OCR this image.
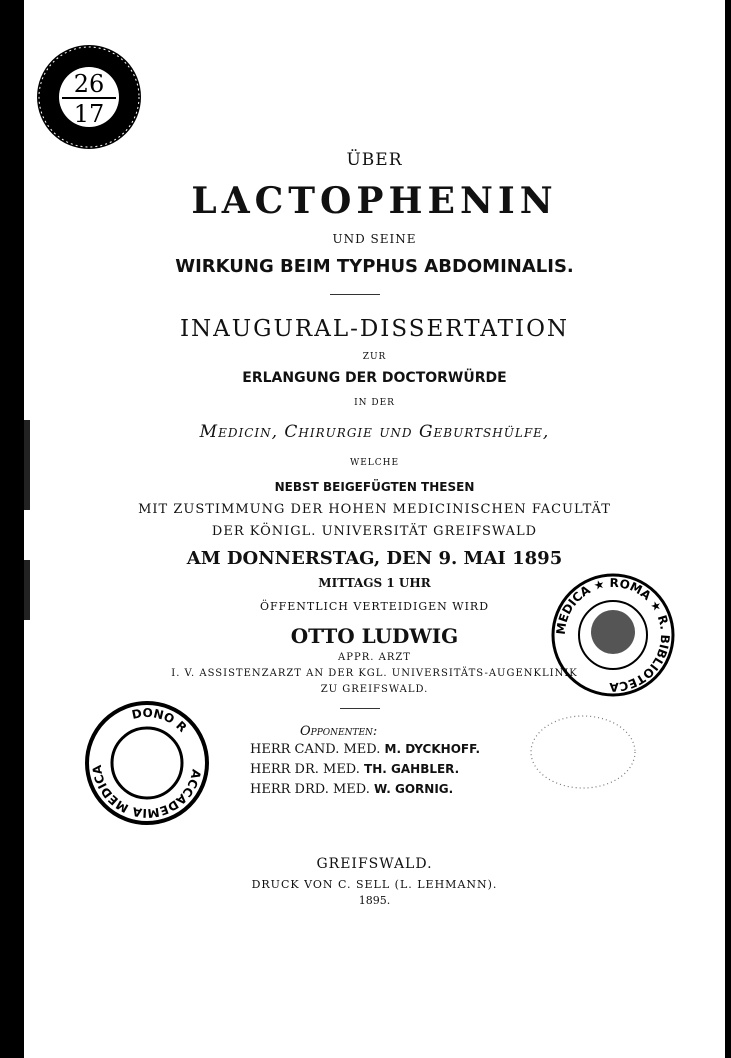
26
17
ÜBER
LACTOPHENIN
UND SEINE
WIRKUNG BEIM TYPHUS ABDOMINALIS.
INAUGURAL-DISSERTATION
ZUR
ERLANGUNG DER DOCTORWÜRDE
IN DER
Medicin, Chirurgie und Geburtshülfe,
WELCHE
NEBST BEIGEFÜGTEN THESEN
MIT ZUSTIMMUNG DER HOHEN MEDICINISCHEN FACULTÄT
DER KÖNIGL. UNIVERSITÄT GREIFSWALD
AM DONNERSTAG, DEN 9. MAI 1895
MITTAGS 1 UHR
ÖFFENTLICH VERTEIDIGEN WIRD
OTTO LUDWIG
APPR. ARZT
I. V. ASSISTENZARZT AN DER KGL. UNIVERSITÄTS-AUGENKLINIK
ZU GREIFSWALD.
Opponenten:
HERR CAND. MED. M. DYCKHOFF.
HERR DR. MED. TH. GAHBLER.
HERR DRD. MED. W. GORNIG.
GREIFSWALD.
DRUCK VON C. SELL (L. LEHMANN).
1895.
DONO R
ACCADEMIA MEDICA
MEDICA ★ ROMA ★ R. BIBLIOTECA
